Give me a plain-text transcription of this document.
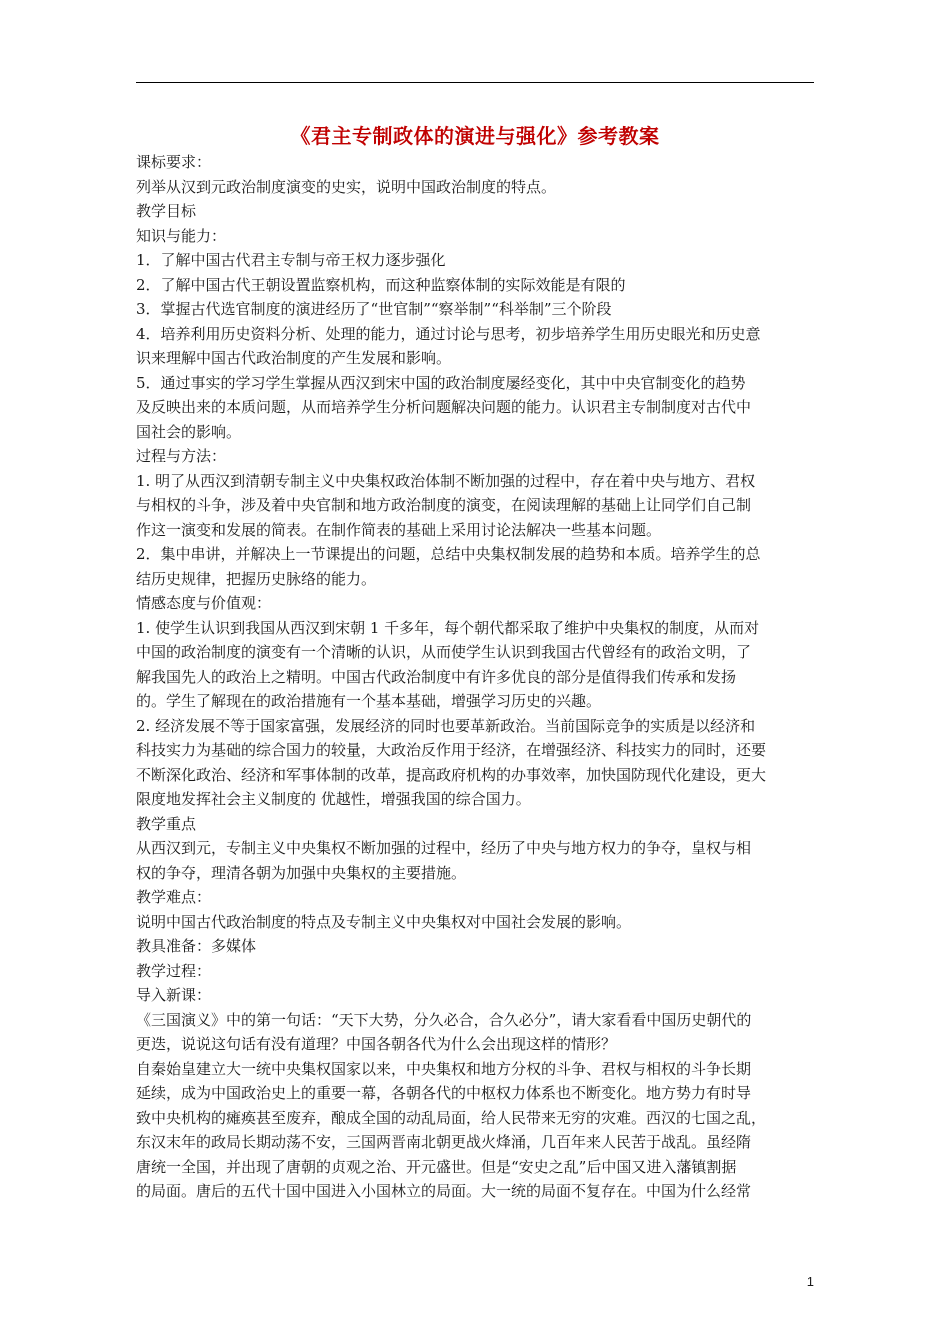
《君主专制政体的演进与强化》参考教案
课标要求：
列举从汉到元政治制度演变的史实，说明中国政治制度的特点。
教学目标
知识与能力：
1．了解中国古代君主专制与帝王权力逐步强化
2．了解中国古代王朝设置监察机构，而这种监察体制的实际效能是有限的
3．掌握古代选官制度的演进经历了“世官制”“察举制”“科举制”三个阶段
4．培养利用历史资料分析、处理的能力，通过讨论与思考，初步培养学生用历史眼光和历史意
识来理解中国古代政治制度的产生发展和影响。
5．通过事实的学习学生掌握从西汉到宋中国的政治制度屡经变化，其中中央官制变化的趋势
及反映出来的本质问题，从而培养学生分析问题解决问题的能力。认识君主专制制度对古代中
国社会的影响。
过程与方法：
1. 明了从西汉到清朝专制主义中央集权政治体制不断加强的过程中，存在着中央与地方、君权
与相权的斗争，涉及着中央官制和地方政治制度的演变，在阅读理解的基础上让同学们自己制
作这一演变和发展的简表。在制作简表的基础上采用讨论法解决一些基本问题。
2．集中串讲，并解决上一节课提出的问题，总结中央集权制发展的趋势和本质。培养学生的总
结历史规律，把握历史脉络的能力。
情感态度与价值观：
1. 使学生认识到我国从西汉到宋朝 1 千多年，每个朝代都采取了维护中央集权的制度，从而对
中国的政治制度的演变有一个清晰的认识，从而使学生认识到我国古代曾经有的政治文明，了
解我国先人的政治上之精明。中国古代政治制度中有许多优良的部分是值得我们传承和发扬
的。学生了解现在的政治措施有一个基本基础，增强学习历史的兴趣。
2. 经济发展不等于国家富强，发展经济的同时也要革新政治。当前国际竞争的实质是以经济和
科技实力为基础的综合国力的较量，大政治反作用于经济，在增强经济、科技实力的同时，还要
不断深化政治、经济和军事体制的改革，提高政府机构的办事效率，加快国防现代化建设，更大
限度地发挥社会主义制度的 优越性，增强我国的综合国力。
教学重点
从西汉到元，专制主义中央集权不断加强的过程中，经历了中央与地方权力的争夺，皇权与相
权的争夺，理清各朝为加强中央集权的主要措施。
教学难点：
说明中国古代政治制度的特点及专制主义中央集权对中国社会发展的影响。
教具准备：多媒体
教学过程：
导入新课：
《三国演义》中的第一句话：“天下大势，分久必合，合久必分”，请大家看看中国历史朝代的
更迭，说说这句话有没有道理？中国各朝各代为什么会出现这样的情形？
自秦始皇建立大一统中央集权国家以来，中央集权和地方分权的斗争、君权与相权的斗争长期
延续，成为中国政治史上的重要一幕，各朝各代的中枢权力体系也不断变化。地方势力有时导
致中央机构的瘫痪甚至废弃，酿成全国的动乱局面，给人民带来无穷的灾难。西汉的七国之乱，
东汉末年的政局长期动荡不安，三国两晋南北朝更战火烽涌，几百年来人民苦于战乱。虽经隋
唐统一全国，并出现了唐朝的贞观之治、开元盛世。但是“安史之乱”后中国又进入藩镇割据
的局面。唐后的五代十国中国进入小国林立的局面。大一统的局面不复存在。中国为什么经常
1
